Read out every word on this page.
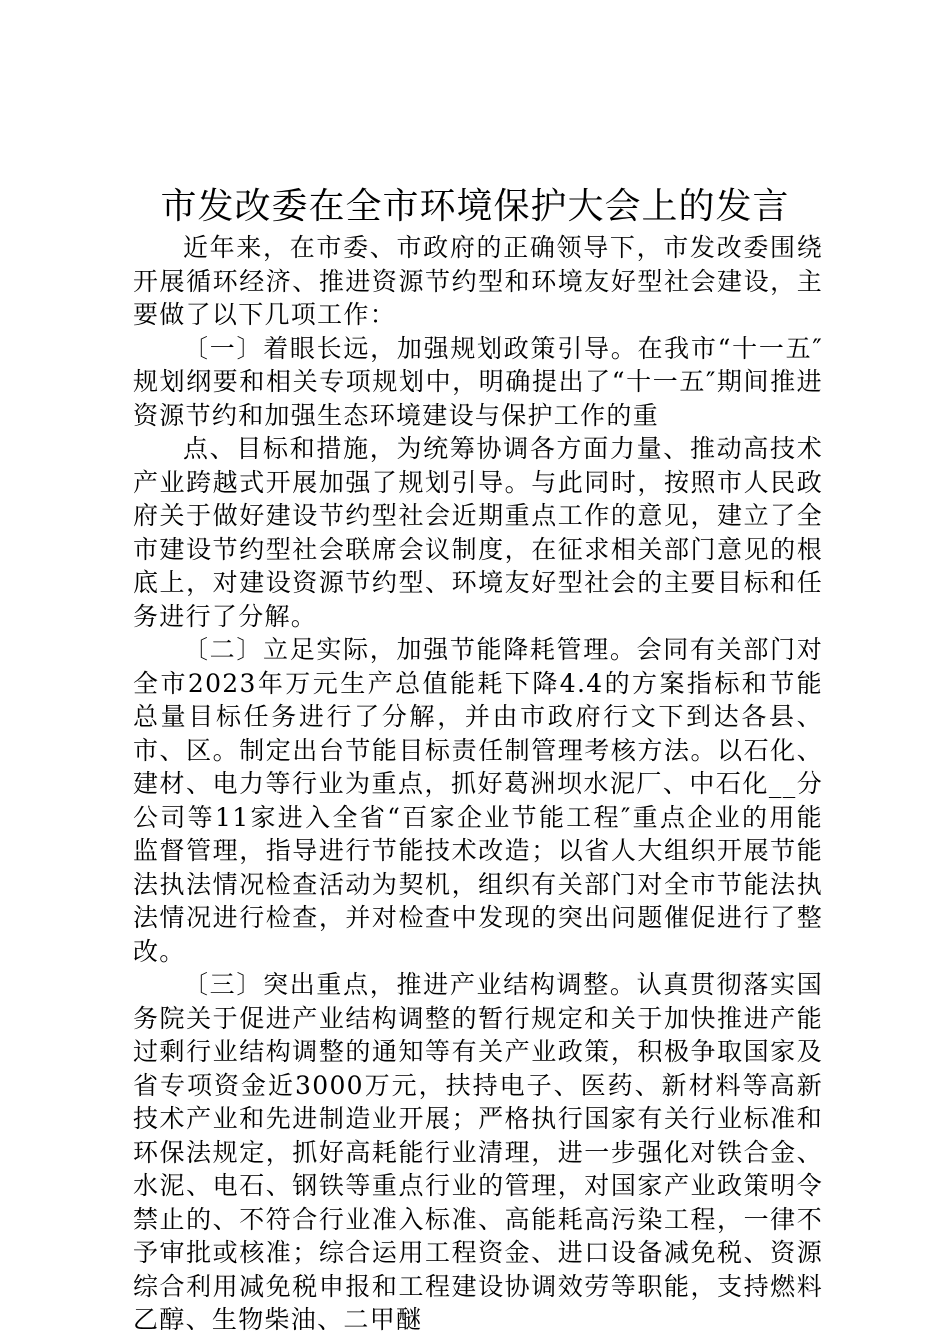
市发改委在全市环境保护大会上的发言

近年来，在市委、市政府的正确领导下，市发改委围绕开展循环经济、推进资源节约型和环境友好型社会建设，主要做了以下几项工作：

〔一〕着眼长远，加强规划政策引导。在我市“十一五″规划纲要和相关专项规划中，明确提出了“十一五″期间推进资源节约和加强生态环境建设与保护工作的重

点、目标和措施，为统筹协调各方面力量、推动高技术产业跨越式开展加强了规划引导。与此同时，按照市人民政府关于做好建设节约型社会近期重点工作的意见，建立了全市建设节约型社会联席会议制度，在征求相关部门意见的根底上，对建设资源节约型、环境友好型社会的主要目标和任务进行了分解。

〔二〕立足实际，加强节能降耗管理。会同有关部门对全市2023年万元生产总值能耗下降4.4的方案指标和节能总量目标任务进行了分解，并由市政府行文下到达各县、市、区。制定出台节能目标责任制管理考核方法。以石化、建材、电力等行业为重点，抓好葛洲坝水泥厂、中石化__分公司等11家进入全省“百家企业节能工程″重点企业的用能监督管理，指导进行节能技术改造；以省人大组织开展节能法执法情况检查活动为契机，组织有关部门对全市节能法执法情况进行检查，并对检查中发现的突出问题催促进行了整改。

〔三〕突出重点，推进产业结构调整。认真贯彻落实国务院关于促进产业结构调整的暂行规定和关于加快推进产能过剩行业结构调整的通知等有关产业政策，积极争取国家及省专项资金近3000万元，扶持电子、医药、新材料等高新技术产业和先进制造业开展；严格执行国家有关行业标准和环保法规定，抓好高耗能行业清理，进一步强化对铁合金、水泥、电石、钢铁等重点行业的管理，对国家产业政策明令禁止的、不符合行业准入标准、高能耗高污染工程，一律不予审批或核准；综合运用工程资金、进口设备减免税、资源综合利用减免税申报和工程建设协调效劳等职能，支持燃料乙醇、生物柴油、二甲醚
